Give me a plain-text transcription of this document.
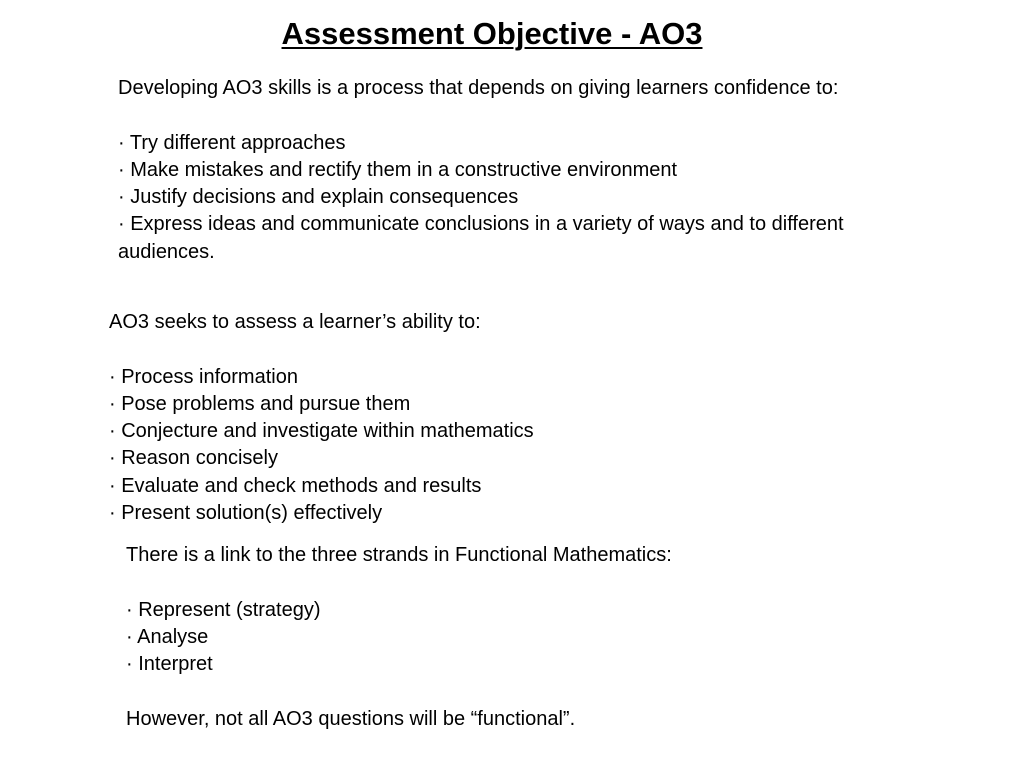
Assessment Objective - AO3

Developing AO3 skills is a process that depends on giving learners confidence to:

· Try different approaches
· Make mistakes and rectify them in a constructive environment
· Justify decisions and explain consequences
· Express ideas and communicate conclusions in a variety of ways and to different audiences.

AO3 seeks to assess a learner’s ability to:

· Process information
· Pose problems and pursue them
· Conjecture and investigate within mathematics
· Reason concisely
· Evaluate and check methods and results
· Present solution(s) effectively

There is a link to the three strands in Functional Mathematics:

· Represent (strategy)
· Analyse
· Interpret

However, not all AO3 questions will be “functional”.
